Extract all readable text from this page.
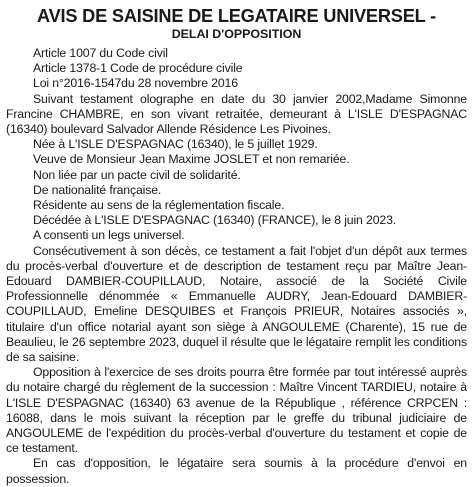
AVIS DE SAISINE DE LEGATAIRE UNIVERSEL -
DELAI D'OPPOSITION

Article 1007 du Code civil

Article 1378-1 Code de procédure civile

Loi n°2016-1547du 28 novembre 2016

Suivant testament olographe en date du 30 janvier 2002,Madame Simonne Francine CHAMBRE, en son vivant retraitée, demeurant à L'ISLE D'ESPAGNAC (16340) boulevard Salvador Allende Résidence Les Pivoines.

Née à L'ISLE D'ESPAGNAC (16340), le 5 juillet 1929.

Veuve de Monsieur Jean Maxime JOSLET et non remariée.

Non liée par un pacte civil de solidarité.

De nationalité française.

Résidente au sens de la réglementation fiscale.

Décédée à L'ISLE D'ESPAGNAC (16340) (FRANCE), le 8 juin 2023.

A consenti un legs universel.

Consécutivement à son décès, ce testament a fait l'objet d'un dépôt aux termes du procès-verbal d'ouverture et de description de testament reçu par Maître Jean-Edouard DAMBIER-COUPILLAUD, Notaire, associé de la Société Civile Professionnelle dénommée « Emmanuelle AUDRY, Jean-Edouard DAMBIER-COUPILLAUD, Emeline DESQUIBES et François PRIEUR, Notaires associés », titulaire d'un office notarial ayant son siège à ANGOULEME (Charente), 15 rue de Beaulieu, le 26 septembre 2023, duquel il résulte que le légataire remplit les conditions de sa saisine.

Opposition à l'exercice de ses droits pourra être formée par tout intéressé auprès du notaire chargé du règlement de la succession : Maître Vincent TARDIEU, notaire à L'ISLE D'ESPAGNAC (16340) 63 avenue de la République , référence CRPCEN : 16088, dans le mois suivant la réception par le greffe du tribunal judiciaire de ANGOULEME de l'expédition du procès-verbal d'ouverture du testament et copie de ce testament.

En cas d'opposition, le légataire sera soumis à la procédure d'envoi en possession.
